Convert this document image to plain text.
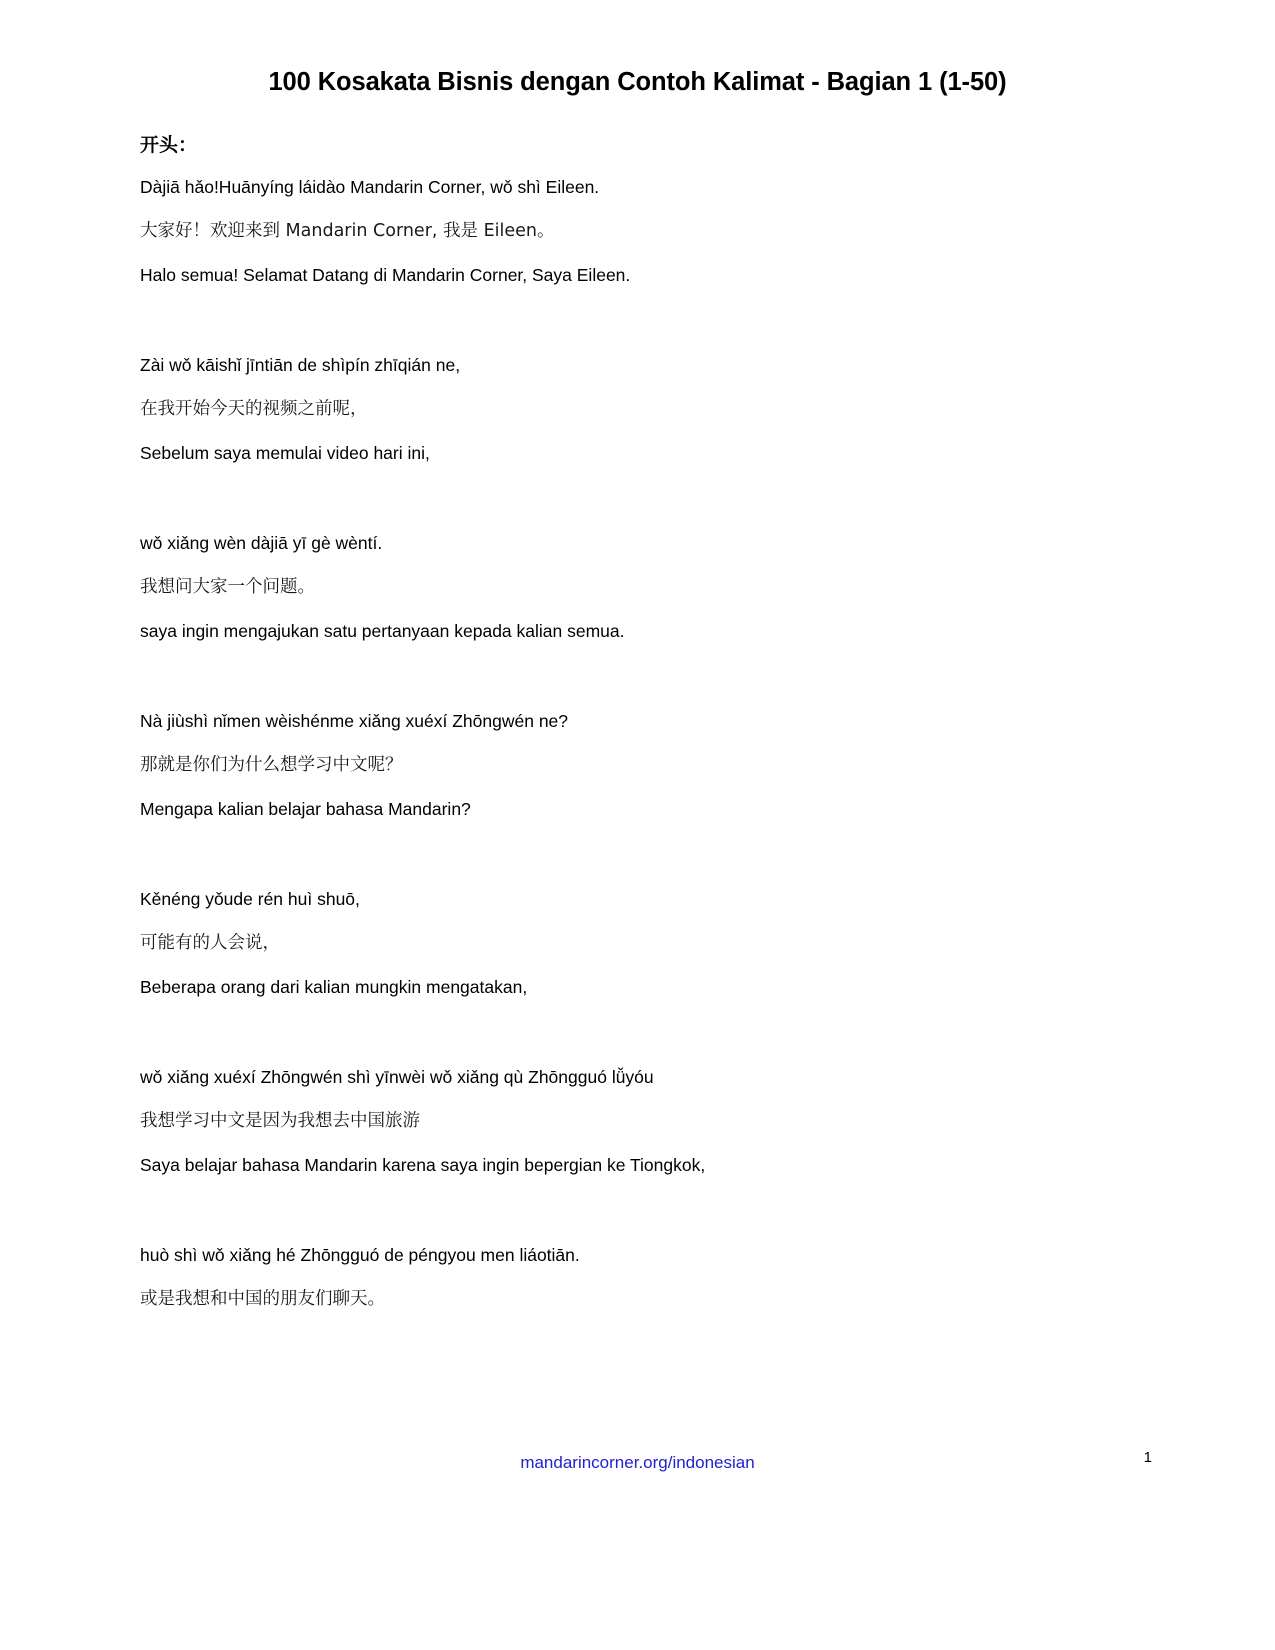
100 Kosakata Bisnis dengan Contoh Kalimat - Bagian 1 (1-50)
开头：
Dàjiā hǎo!Huānyíng láidào Mandarin Corner, wǒ shì Eileen.
大家好！欢迎来到 Mandarin Corner, 我是 Eileen。
Halo semua! Selamat Datang di Mandarin Corner, Saya Eileen.
Zài wǒ kāishǐ jīntiān de shìpín zhīqián ne,
在我开始今天的视频之前呢，
Sebelum saya memulai video hari ini,
wǒ xiǎng wèn dàjiā yī gè wèntí.
我想问大家一个问题。
saya ingin mengajukan satu pertanyaan kepada kalian semua.
Nà jiùshì nǐmen wèishénme xiǎng xuéxí Zhōngwén ne?
那就是你们为什么想学习中文呢？
Mengapa kalian belajar bahasa Mandarin?
Kěnéng yǒude rén huì shuō,
可能有的人会说，
Beberapa orang dari kalian mungkin mengatakan,
wǒ xiǎng xuéxí Zhōngwén shì yīnwèi wǒ xiǎng qù Zhōngguó lǚyóu
我想学习中文是因为我想去中国旅游
Saya belajar bahasa Mandarin karena saya ingin bepergian ke Tiongkok,
huò shì wǒ xiǎng hé Zhōngguó de péngyou men liáotiān.
或是我想和中国的朋友们聊天。
mandarincorner.org/indonesian	1
